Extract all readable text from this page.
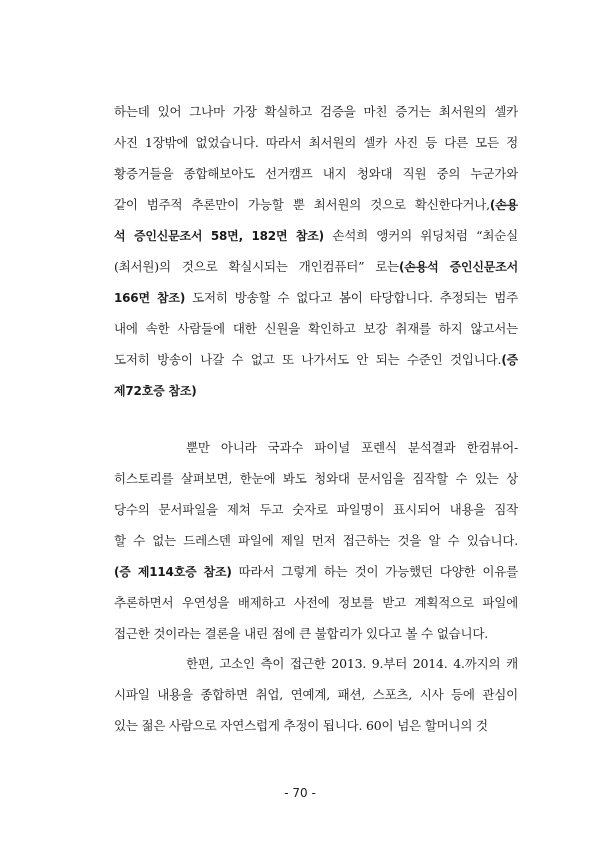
하는데 있어 그나마 가장 확실하고 검증을 마친 증거는 최서원의 셀카
사진 1장밖에 없었습니다. 따라서 최서원의 셀카 사진 등 다른 모든 정
황증거들을 종합해보아도 선거캠프 내지 청와대 직원 중의 누군가와
같이 범주적 추론만이 가능할 뿐 최서원의 것으로 확신한다거나,(손용
석 증인신문조서 58면, 182면 참조) 손석희 앵커의 위딩처럼 “최순실
(최서원)의 것으로 확실시되는 개인컴퓨터” 로는(손용석 증인신문조서
166면 참조) 도저히 방송할 수 없다고 봄이 타당합니다. 추정되는 범주
내에 속한 사람들에 대한 신원을 확인하고 보강 취재를 하지 않고서는
도저히 방송이 나갈 수 없고 또 나가서도 안 되는 수준인 것입니다.(증
제72호증 참조)
뿐만 아니라 국과수 파이널 포렌식 분석결과 한컴뷰어-
히스토리를 살펴보면, 한눈에 봐도 청와대 문서임을 짐작할 수 있는 상
당수의 문서파일을 제쳐 두고 숫자로 파일명이 표시되어 내용을 짐작
할 수 없는 드레스덴 파일에 제일 먼저 접근하는 것을 알 수 있습니다.
(증 제114호증 참조) 따라서 그렇게 하는 것이 가능했던 다양한 이유를
추론하면서 우연성을 배제하고 사전에 정보를 받고 계획적으로 파일에
접근한 것이라는 결론을 내린 점에 큰 불합리가 있다고 볼 수 없습니다.
한편, 고소인 측이 접근한 2013. 9.부터 2014. 4.까지의 캐
시파일 내용을 종합하면 취업, 연예계, 패션, 스포츠, 시사 등에 관심이
있는 젊은 사람으로 자연스럽게 추정이 됩니다. 60이 넘은 할머니의 것
- 70 -
